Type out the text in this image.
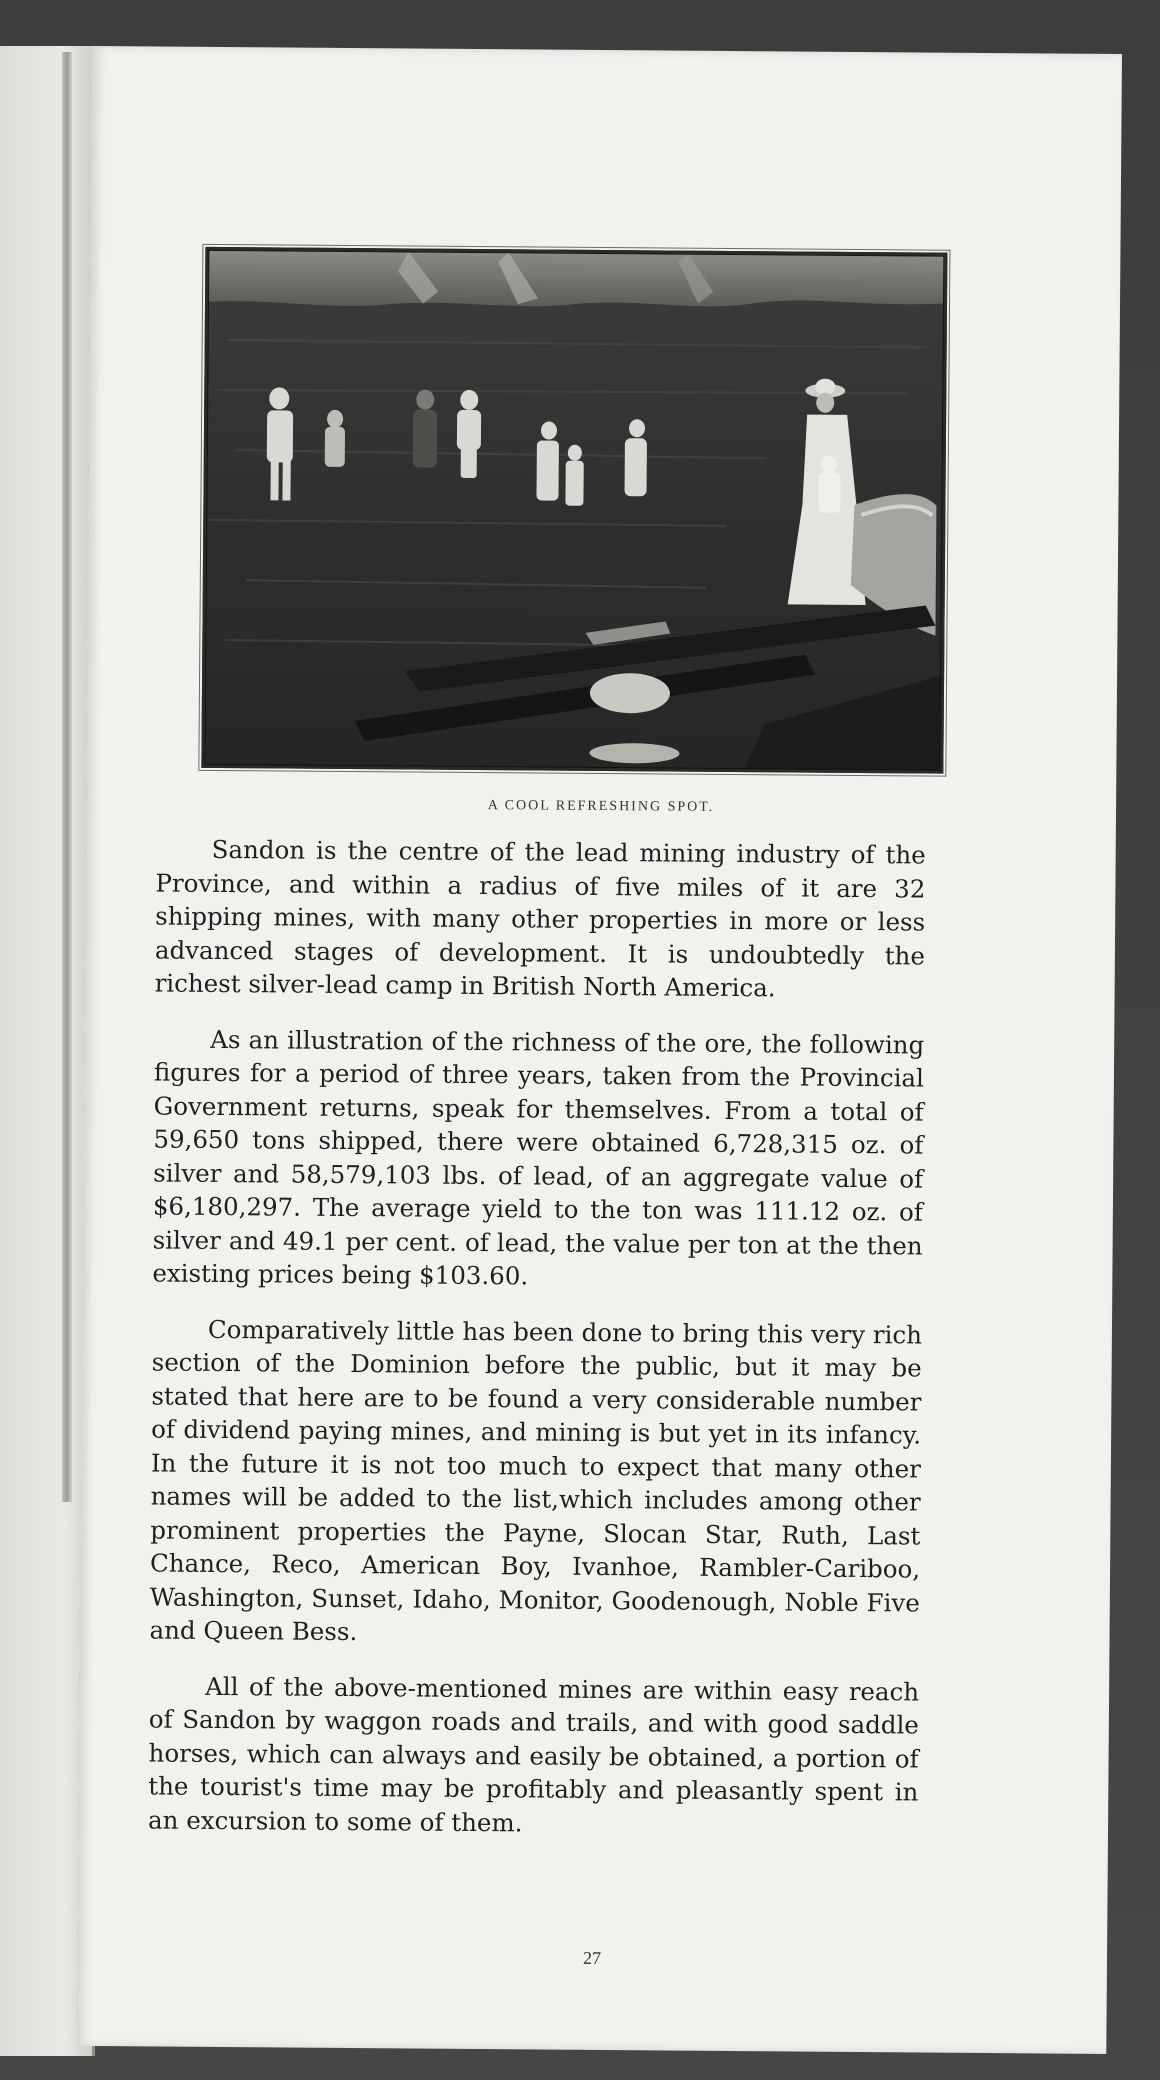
A COOL REFRESHING SPOT.

Sandon is the centre of the lead mining industry of the Province, and within a radius of five miles of it are 32 shipping mines, with many other properties in more or less advanced stages of development. It is undoubtedly the richest silver-lead camp in British North America.

As an illustration of the richness of the ore, the following figures for a period of three years, taken from the Provincial Government returns, speak for themselves. From a total of 59,650 tons shipped, there were obtained 6,728,315 oz. of silver and 58,579,103 lbs. of lead, of an aggregate value of $6,180,297. The average yield to the ton was 111.12 oz. of silver and 49.1 per cent. of lead, the value per ton at the then existing prices being $103.60.

Comparatively little has been done to bring this very rich section of the Dominion before the public, but it may be stated that here are to be found a very considerable number of dividend paying mines, and mining is but yet in its infancy. In the future it is not too much to expect that many other names will be added to the list,which includes among other prominent properties the Payne, Slocan Star, Ruth, Last Chance, Reco, American Boy, Ivanhoe, Rambler-Cariboo, Washington, Sunset, Idaho, Monitor, Goodenough, Noble Five and Queen Bess.

All of the above-mentioned mines are within easy reach of Sandon by waggon roads and trails, and with good saddle horses, which can always and easily be obtained, a portion of the tourist's time may be profitably and pleasantly spent in an excursion to some of them.

27
